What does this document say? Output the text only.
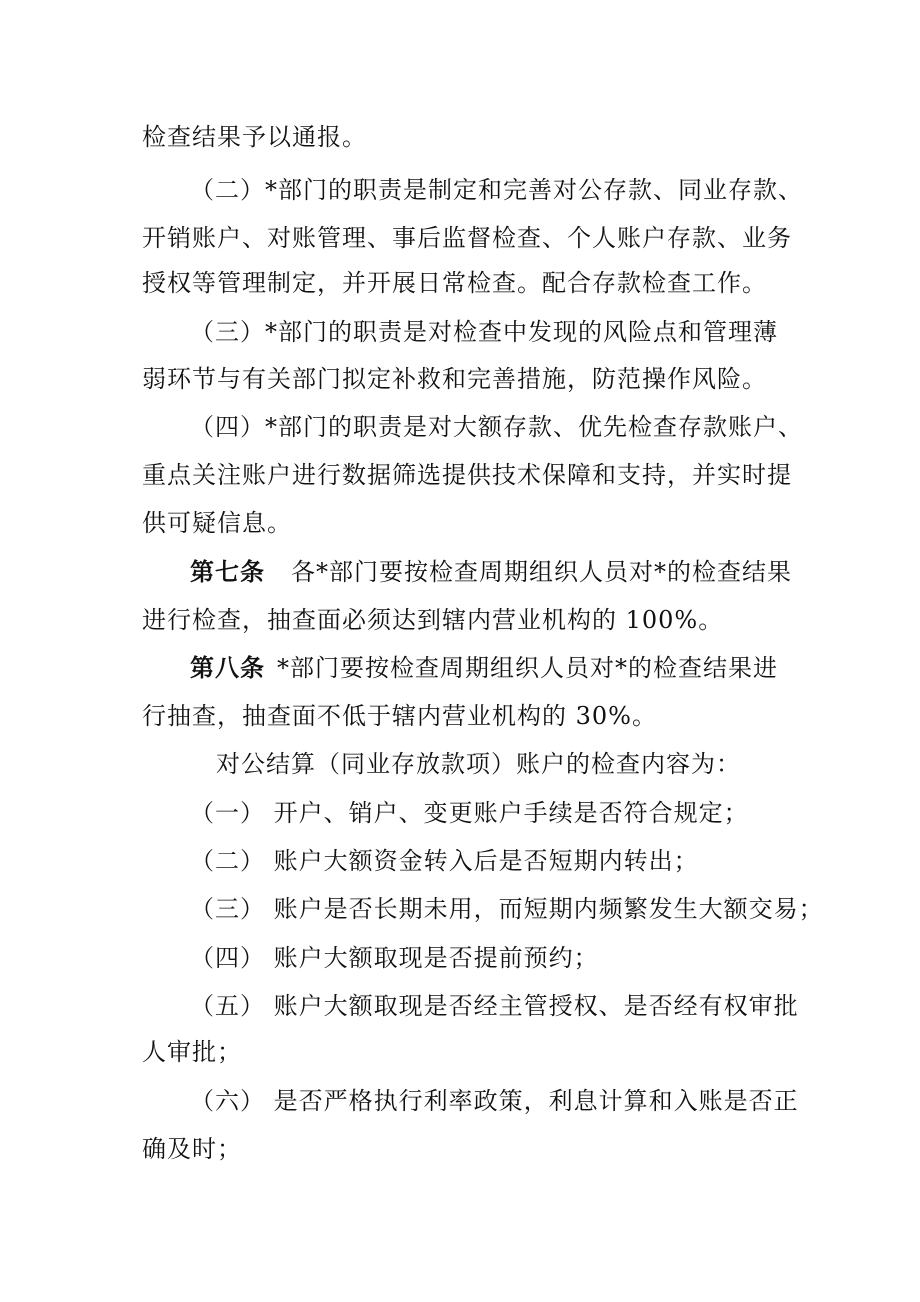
检查结果予以通报。
（二）*部门的职责是制定和完善对公存款、同业存款、
开销账户、对账管理、事后监督检查、个人账户存款、业务
授权等管理制定，并开展日常检查。配合存款检查工作。
（三）*部门的职责是对检查中发现的风险点和管理薄
弱环节与有关部门拟定补救和完善措施，防范操作风险。
（四）*部门的职责是对大额存款、优先检查存款账户、
重点关注账户进行数据筛选提供技术保障和支持，并实时提
供可疑信息。
第七条 各*部门要按检查周期组织人员对*的检查结果
进行检查，抽查面必须达到辖内营业机构的 100%。
第八条 *部门要按检查周期组织人员对*的检查结果进
行抽查，抽查面不低于辖内营业机构的 30%。
对公结算（同业存放款项）账户的检查内容为：
（一） 开户、销户、变更账户手续是否符合规定；
（二） 账户大额资金转入后是否短期内转出；
（三） 账户是否长期未用，而短期内频繁发生大额交易；
（四） 账户大额取现是否提前预约；
（五） 账户大额取现是否经主管授权、是否经有权审批
人审批；
（六） 是否严格执行利率政策，利息计算和入账是否正
确及时；
